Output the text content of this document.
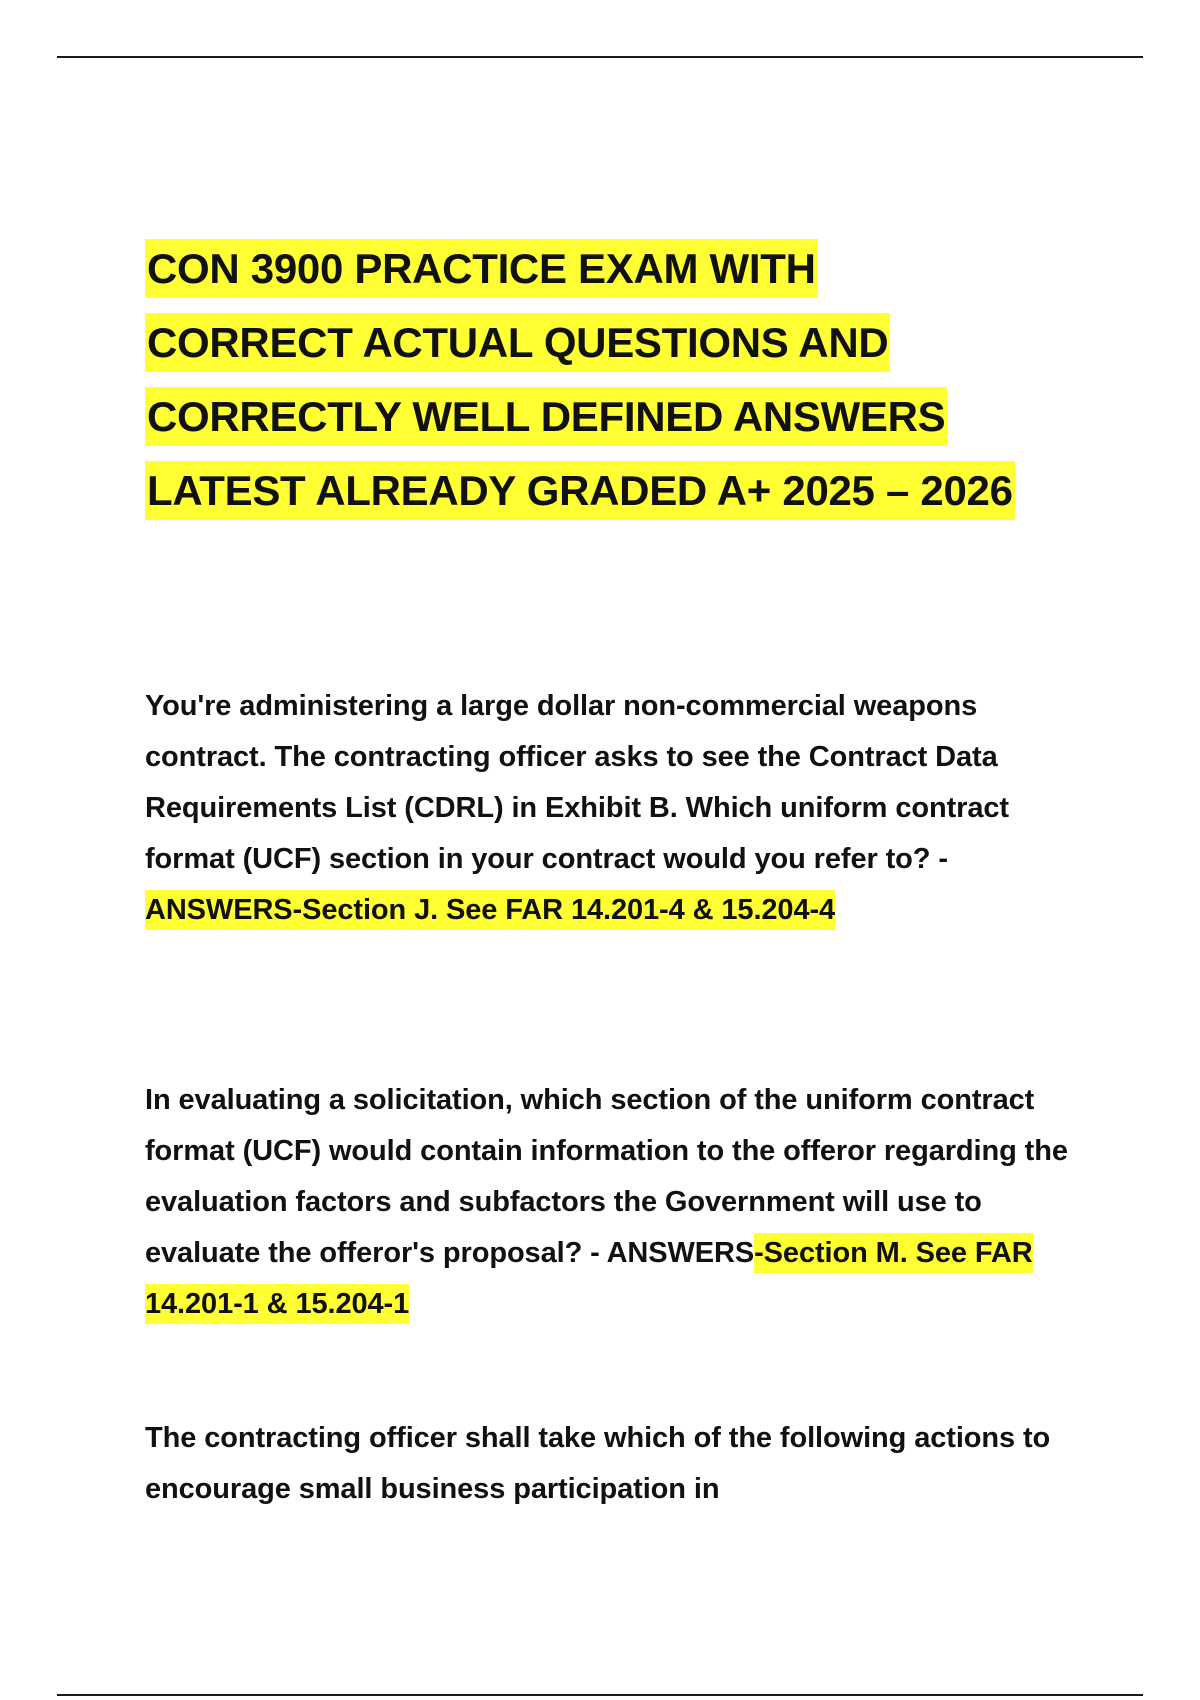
CON 3900 PRACTICE EXAM WITH
CORRECT ACTUAL QUESTIONS AND
CORRECTLY WELL DEFINED ANSWERS
LATEST ALREADY GRADED A+ 2025 – 2026

You're administering a large dollar non-commercial weapons contract. The contracting officer asks to see the Contract Data Requirements List (CDRL) in Exhibit B. Which uniform contract format (UCF) section in your contract would you refer to? - ANSWERS-Section J. See FAR 14.201-4 & 15.204-4

In evaluating a solicitation, which section of the uniform contract format (UCF) would contain information to the offeror regarding the evaluation factors and subfactors the Government will use to evaluate the offeror's proposal? - ANSWERS-Section M. See FAR 14.201-1 & 15.204-1

The contracting officer shall take which of the following actions to encourage small business participation in
